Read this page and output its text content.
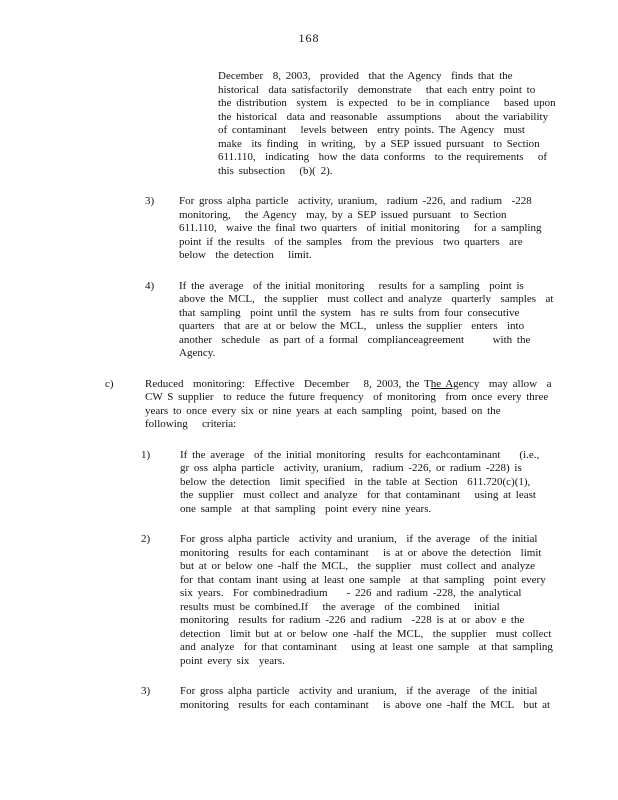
168
December  8, 2003,  provided  that the Agency  finds that the
historical  data satisfactorily  demonstrate   that each entry point to
the distribution  system  is expected  to be in compliance   based upon
the historical  data and reasonable  assumptions   about the variability
of contaminant   levels between  entry points. The Agency  must
make  its finding  in writing,  by a SEP issued pursuant  to Section
611.110,  indicating  how the data conforms  to the requirements   of
this subsection   (b)( 2).
3) For gross alpha particle  activity, uranium,  radium -226, and radium  -228
monitoring,   the Agency  may, by a SEP issued pursuant  to Section
611.110,  waive the final two quarters  of initial monitoring   for a sampling
point if the results  of the samples  from the previous  two quarters  are
below  the detection   limit.
4) If the average  of the initial monitoring   results for a sampling  point is
above the MCL,  the supplier  must collect and analyze  quarterly  samples  at
that sampling  point until the system  has re sults from four consecutive
quarters  that are at or below the MCL,  unless the supplier  enters  into
another  schedule  as part of a formal  complianceagreement      with the
Agency.
c)	Reduced  monitoring:  Effective  December   8, 2003, the The Agency  may allow  a
CW S supplier  to reduce the future frequency  of monitoring  from once every three
years to once every six or nine years at each sampling  point, based on the
following   criteria:
1)	If the average  of the initial monitoring  results for eachcontaminant    (i.e.,
gr oss alpha particle  activity, uranium,  radium -226, or radium -228) is
below the detection  limit specified  in the table at Section  611.720(c)(1),
the supplier  must collect and analyze  for that contaminant   using at least
one sample  at that sampling  point every nine years.
2)	For gross alpha particle  activity and uranium,  if the average  of the initial
monitoring  results for each contaminant   is at or above the detection  limit
but at or below one -half the MCL,  the supplier  must collect and analyze
for that contam inant using at least one sample  at that sampling  point every
six years.  For combinedradium    - 226 and radium -228, the analytical
results must be combined.If   the average  of the combined   initial
monitoring  results for radium -226 and radium  -228 is at or abov e the
detection  limit but at or below one -half the MCL,  the supplier  must collect
and analyze  for that contaminant   using at least one sample  at that sampling
point every six  years.
3)	For gross alpha particle  activity and uranium,  if the average  of the initial
monitoring  results for each contaminant   is above one -half the MCL  but at
